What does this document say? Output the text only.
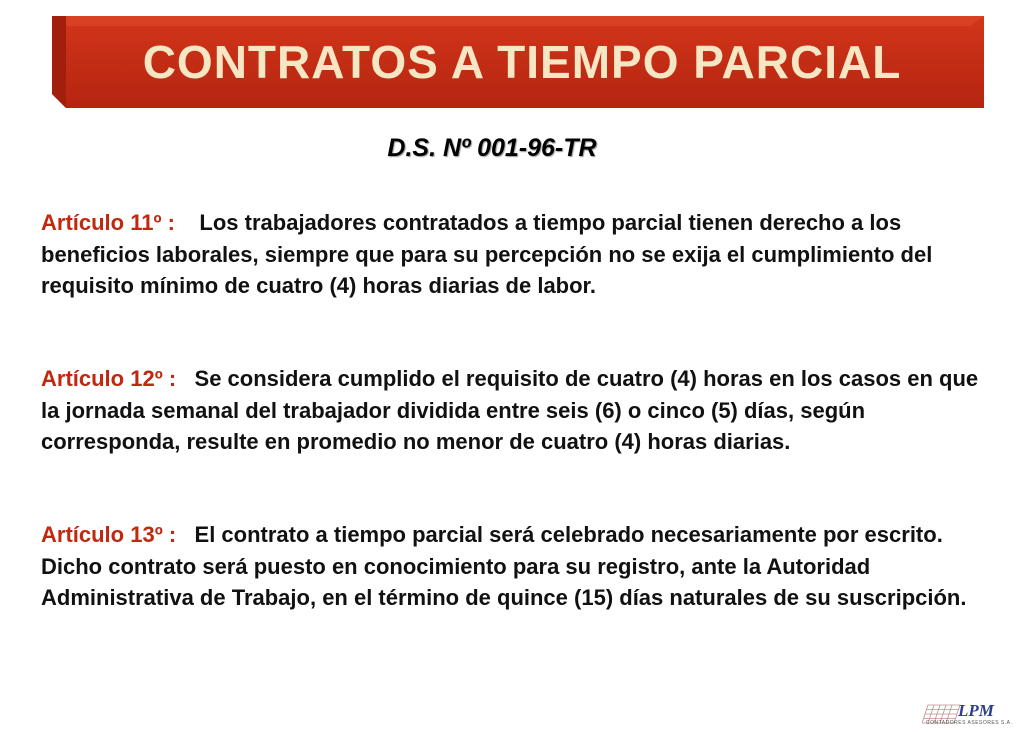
CONTRATOS A TIEMPO PARCIAL
D.S. Nº 001-96-TR
Artículo 11º : Los trabajadores contratados a tiempo parcial tienen derecho a los beneficios laborales, siempre que para su percepción no se exija el cumplimiento del requisito mínimo de cuatro (4) horas diarias de labor.
Artículo 12º : Se considera cumplido el requisito de cuatro (4) horas en los casos en que la jornada semanal del trabajador dividida entre seis (6) o cinco (5) días, según corresponda, resulte en promedio no menor de cuatro (4) horas diarias.
Artículo 13º : El contrato a tiempo parcial será celebrado necesariamente por escrito. Dicho contrato será puesto en conocimiento para su registro, ante la Autoridad Administrativa de Trabajo, en el término de quince (15) días naturales de su suscripción.
LPM
CONTADORES ASESORES S.A.
